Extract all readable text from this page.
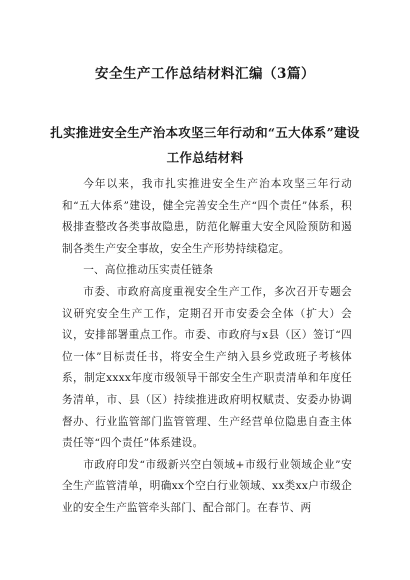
安全生产工作总结材料汇编（3篇）
扎实推进安全生产治本攻坚三年行动和“五大体系”建设
工作总结材料

今年以来，我市扎实推进安全生产治本攻坚三年行动和“五大体系”建设，健全完善安全生产“四个责任”体系，积极排查整改各类事故隐患，防范化解重大安全风险预防和遏制各类生产安全事故，安全生产形势持续稳定。

一、高位推动压实责任链条

市委、市政府高度重视安全生产工作，多次召开专题会议研究安全生产工作，定期召开市安委会全体（扩大）会议，安排部署重点工作。市委、市政府与x县（区）签订“四位一体”目标责任书，将安全生产纳入县乡党政班子考核体系，制定xxxx年度市级领导干部安全生产职责清单和年度任务清单，市、县（区）持续推进政府明权赋责、安委办协调督办、行业监管部门监管管理、生产经营单位隐患自查主体责任等“四个责任”体系建设。

市政府印发“市级新兴空白领域+市级行业领域企业”安全生产监管清单，明确xx个空白行业领域、xx类xx户市级企业的安全生产监管牵头部门、配合部门。在春节、两
